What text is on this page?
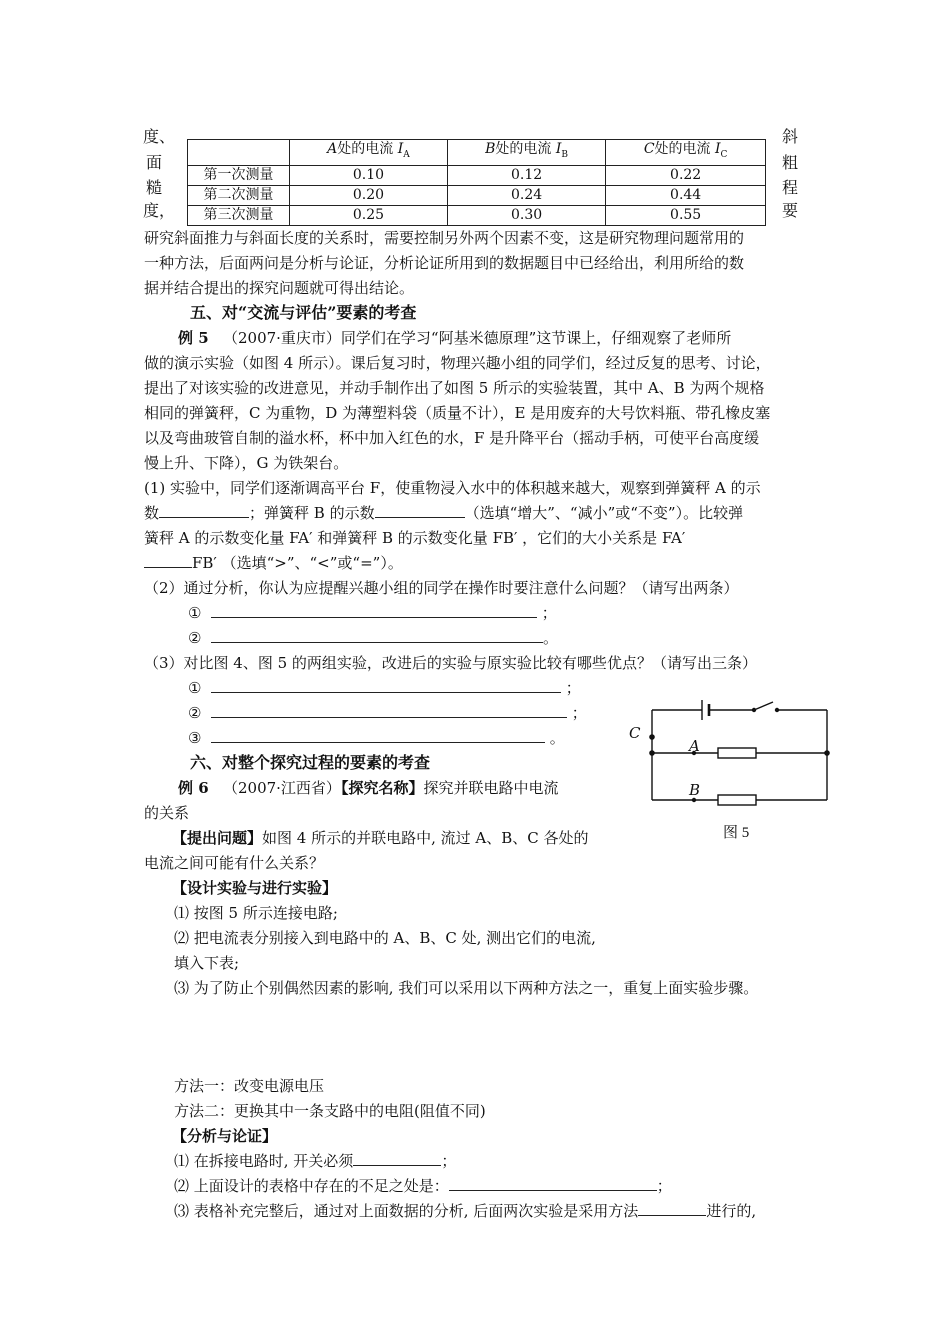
度、
面
糙
度，
斜
粗
程
要
	A处的电流 $I_A$	B处的电流 $I_B$	C处的电流 $I_C$
第一次测量	0.10	0.12	0.22
第二次测量	0.20	0.24	0.44
第三次测量	0.25	0.30	0.55
研究斜面推力与斜面长度的关系时，需要控制另外两个因素不变，这是研究物理问题常用的
一种方法，后面两问是分析与论证，分析论证所用到的数据题目中已经给出，利用所给的数
据并结合提出的探究问题就可得出结论。
五、对“交流与评估”要素的考查
例 5 （2007·重庆市）同学们在学习“阿基米德原理”这节课上，仔细观察了老师所
做的演示实验（如图 4 所示）。课后复习时，物理兴趣小组的同学们，经过反复的思考、讨论，
提出了对该实验的改进意见，并动手制作出了如图 5 所示的实验装置，其中 A、B 为两个规格
相同的弹簧秤，C 为重物，D 为薄塑料袋（质量不计），E 是用废弃的大号饮料瓶、带孔橡皮塞
以及弯曲玻管自制的溢水杯，杯中加入红色的水，F 是升降平台（摇动手柄，可使平台高度缓
慢上升、下降），G 为铁架台。
(1) 实验中，同学们逐渐调高平台 F，使重物浸入水中的体积越来越大，观察到弹簧秤 A 的示
数	；弹簧秤 B 的示数	（选填“增大”、“减小”或“不变”）。比较弹
簧秤 A 的示数变化量 FA′ 和弹簧秤 B 的示数变化量 FB′ ，它们的大小关系是 FA′
FB′ （选填“>”、“<”或“=”）。
（2）通过分析，你认为应提醒兴趣小组的同学在操作时要注意什么问题？（请写出两条）
①	；
②	。
（3）对比图 4、图 5 的两组实验，改进后的实验与原实验比较有哪些优点？（请写出三条）
①	；
②	；
③	。
六、对整个探究过程的要素的考查
例 6 （2007·江西省）【探究名称】探究并联电路中电流
的关系
【提出问题】如图 4 所示的并联电路中, 流过 A、B、C 各处的
电流之间可能有什么关系？
【设计实验与进行实验】
⑴ 按图 5 所示连接电路;
⑵ 把电流表分别接入到电路中的 A、B、C 处, 测出它们的电流,
填入下表;
⑶ 为了防止个别偶然因素的影响, 我们可以采用以下两种方法之一，重复上面实验步骤。
方法一：改变电源电压
方法二：更换其中一条支路中的电阻(阻值不同)
【分析与论证】
⑴ 在拆接电路时, 开关必须	；
⑵ 上面设计的表格中存在的不足之处是：	；
⑶ 表格补充完整后，通过对上面数据的分析, 后面两次实验是采用方法	进行的,
C
A
B
图 5
